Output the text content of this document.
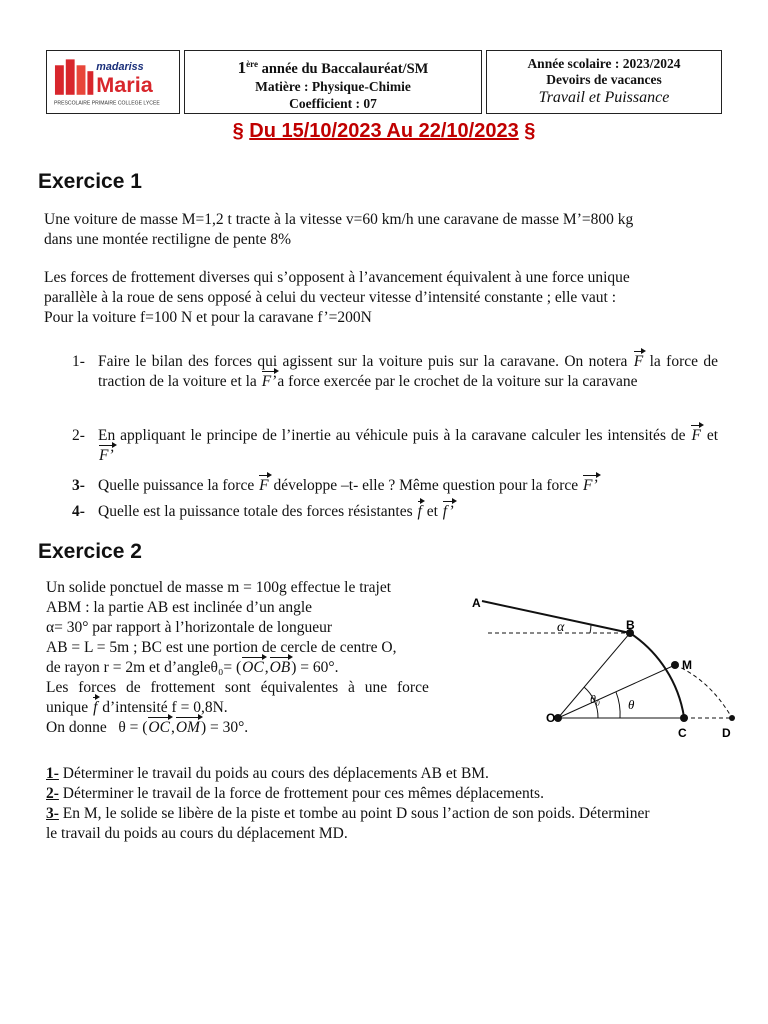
madariss
Maria
PRESCOLAIRE PRIMAIRE COLLEGE LYCEE
1ère année du Baccalauréat/SM
Matière : Physique-Chimie
Coefficient : 07
Année scolaire : 2023/2024
Devoirs de vacances
Travail et Puissance
§ Du 15/10/2023 Au 22/10/2023 §
Exercice 1
Une voiture de masse M=1,2 t tracte à la vitesse v=60 km/h une caravane de masse M’=800 kg
dans une montée rectiligne de pente 8%
Les forces de frottement diverses qui s’opposent à l’avancement équivalent à une force unique
parallèle à la roue de sens opposé à celui du vecteur vitesse d’intensité constante ; elle vaut :
Pour la voiture f=100 N et pour la caravane f’=200N
1- Faire le bilan des forces qui agissent sur la voiture puis sur la caravane. On notera F la force de traction de la voiture et la F’a force exercée par le crochet de la voiture sur la caravane
2- En appliquant le principe de l’inertie au véhicule puis à la caravane calculer les intensités de F et F’
3- Quelle puissance la force F développe –t- elle ? Même question pour la force F’
4- Quelle est la puissance totale des forces résistantes f et f’
Exercice 2
Un solide ponctuel de masse m = 100g effectue le trajet
ABM : la partie AB est inclinée d’un angle
α= 30° par rapport à l’horizontale de longueur
AB = L = 5m ; BC est une portion de cercle de centre O,
de rayon r = 2m et d’angleθ₀= (OC,OB) = 60°.
Les forces de frottement sont équivalentes à une force
unique f d’intensité f = 0,8N.
On donne   θ = (OC,OM) = 30°.
1- Déterminer le travail du poids au cours des déplacements AB et BM.
2- Déterminer le travail de la force de frottement pour ces mêmes déplacements.
3- En M, le solide se libère de la piste et tombe au point D sous l’action de son poids. Déterminer
le travail du poids au cours du déplacement MD.
A
B
M
O
C	D
α
θ₀ θ
